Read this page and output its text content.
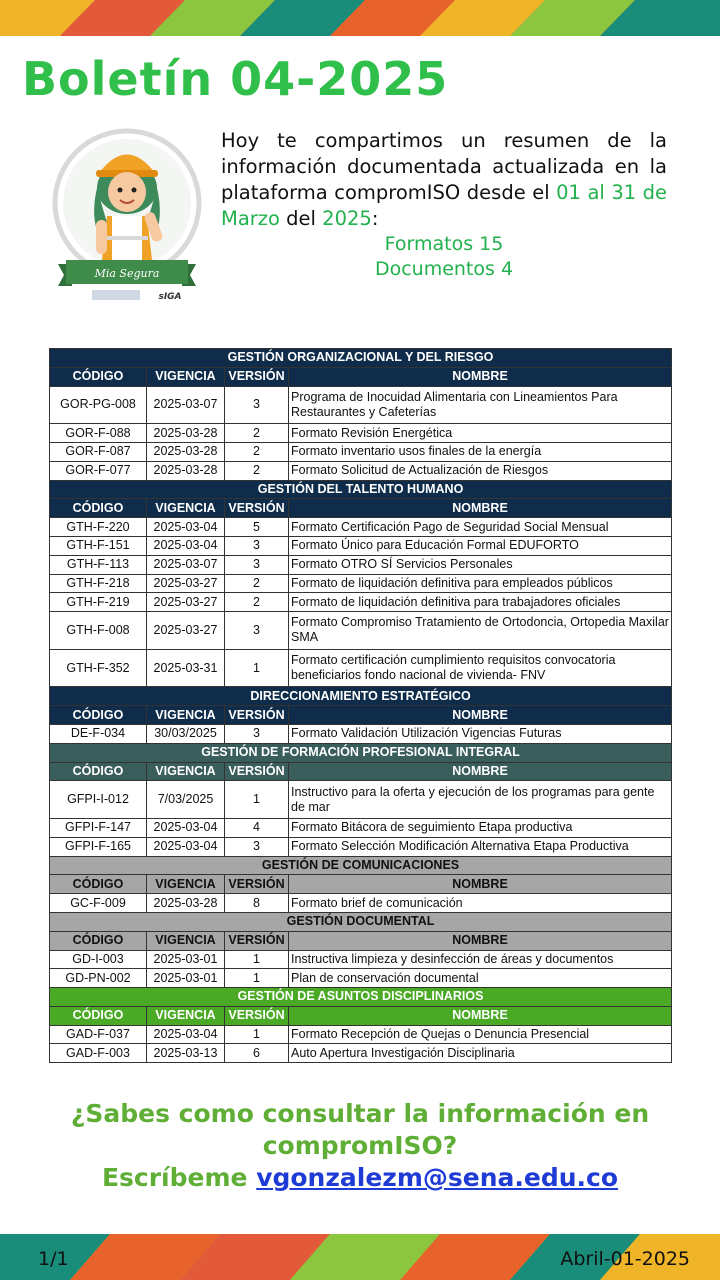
Boletín 04-2025
Mia Segura
sIGA

Hoy te compartimos un resumen de la información documentada actualizada en la plataforma compromISO desde el 01 al 31 de Marzo del 2025:

Formatos 15
Documentos 4
GESTIÓN ORGANIZACIONAL Y DEL RIESGO			
CÓDIGO	VIGENCIA	VERSIÓN	NOMBRE
GOR-PG-008	2025-03-07	3	Programa de Inocuidad Alimentaria con Lineamientos Para Restaurantes y Cafeterías
GOR-F-088	2025-03-28	2	Formato Revisión Energética
GOR-F-087	2025-03-28	2	Formato inventario usos finales de la energía
GOR-F-077	2025-03-28	2	Formato Solicitud de Actualización de Riesgos
GESTIÓN DEL TALENTO HUMANO			
CÓDIGO	VIGENCIA	VERSIÓN	NOMBRE
GTH-F-220	2025-03-04	5	Formato Certificación Pago de Seguridad Social Mensual
GTH-F-151	2025-03-04	3	Formato Único para Educación Formal EDUFORTO
GTH-F-113	2025-03-07	3	Formato OTRO SÍ Servicios Personales
GTH-F-218	2025-03-27	2	Formato de liquidación definitiva para empleados públicos
GTH-F-219	2025-03-27	2	Formato de liquidación definitiva para trabajadores oficiales
GTH-F-008	2025-03-27	3	Formato Compromiso Tratamiento de Ortodoncia, Ortopedia Maxilar SMA
GTH-F-352	2025-03-31	1	Formato certificación cumplimiento requisitos convocatoria beneficiarios fondo nacional de vivienda- FNV
DIRECCIONAMIENTO ESTRATÉGICO			
CÓDIGO	VIGENCIA	VERSIÓN	NOMBRE
DE-F-034	30/03/2025	3	Formato Validación Utilización Vigencias Futuras
GESTIÓN DE FORMACIÓN PROFESIONAL INTEGRAL			
CÓDIGO	VIGENCIA	VERSIÓN	NOMBRE
GFPI-I-012	7/03/2025	1	Instructivo para la oferta y ejecución de los programas para gente de mar
GFPI-F-147	2025-03-04	4	Formato Bitácora de seguimiento Etapa productiva
GFPI-F-165	2025-03-04	3	Formato Selección Modificación Alternativa Etapa Productiva
GESTIÓN DE COMUNICACIONES			
CÓDIGO	VIGENCIA	VERSIÓN	NOMBRE
GC-F-009	2025-03-28	8	Formato brief de comunicación
GESTIÓN DOCUMENTAL			
CÓDIGO	VIGENCIA	VERSIÓN	NOMBRE
GD-I-003	2025-03-01	1	Instructiva limpieza y desinfección de áreas y documentos
GD-PN-002	2025-03-01	1	Plan de conservación documental
GESTIÓN DE ASUNTOS DISCIPLINARIOS			
CÓDIGO	VIGENCIA	VERSIÓN	NOMBRE
GAD-F-037	2025-03-04	1	Formato Recepción de Quejas o Denuncia Presencial
GAD-F-003	2025-03-13	6	Auto Apertura Investigación Disciplinaria
¿Sabes como consultar la información en compromISO?
Escríbeme vgonzalezm@sena.edu.co
1/1	Abril-01-2025
